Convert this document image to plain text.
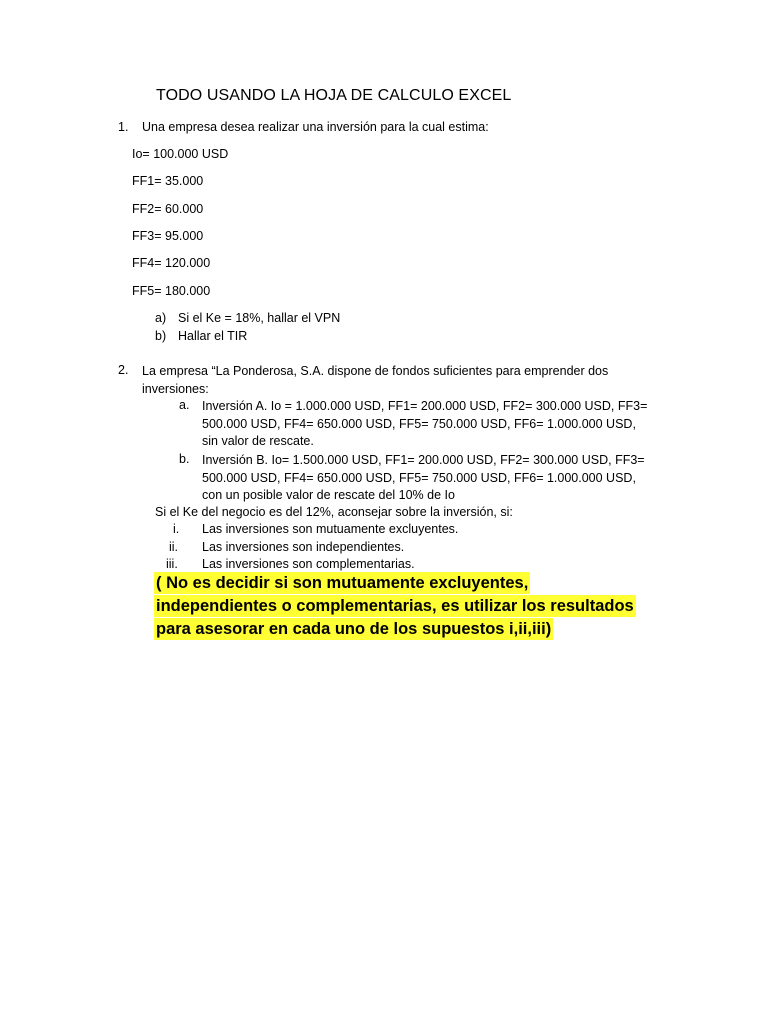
TODO USANDO LA HOJA DE CALCULO EXCEL
1. Una empresa desea realizar una inversión para la cual estima:
Io= 100.000 USD
FF1= 35.000
FF2= 60.000
FF3= 95.000
FF4= 120.000
FF5= 180.000
a) Si el Ke = 18%, hallar el VPN
b) Hallar el TIR
2. La empresa “La Ponderosa, S.A. dispone de fondos suficientes para emprender dos inversiones:
a. Inversión A. Io = 1.000.000 USD, FF1= 200.000 USD, FF2= 300.000 USD, FF3= 500.000 USD, FF4= 650.000 USD, FF5= 750.000 USD, FF6= 1.000.000 USD, sin valor de rescate.
b. Inversión B. Io= 1.500.000 USD, FF1= 200.000 USD, FF2= 300.000 USD, FF3= 500.000 USD, FF4= 650.000 USD, FF5= 750.000 USD, FF6= 1.000.000 USD, con un posible valor de rescate del 10% de Io
Si el Ke del negocio es del 12%, aconsejar sobre la inversión, si:
i. Las inversiones son mutuamente excluyentes.
ii. Las inversiones son independientes.
iii. Las inversiones son complementarias.
( No es decidir si son mutuamente excluyentes, independientes o complementarias, es utilizar los resultados para asesorar en cada uno de los supuestos i,ii,iii)
